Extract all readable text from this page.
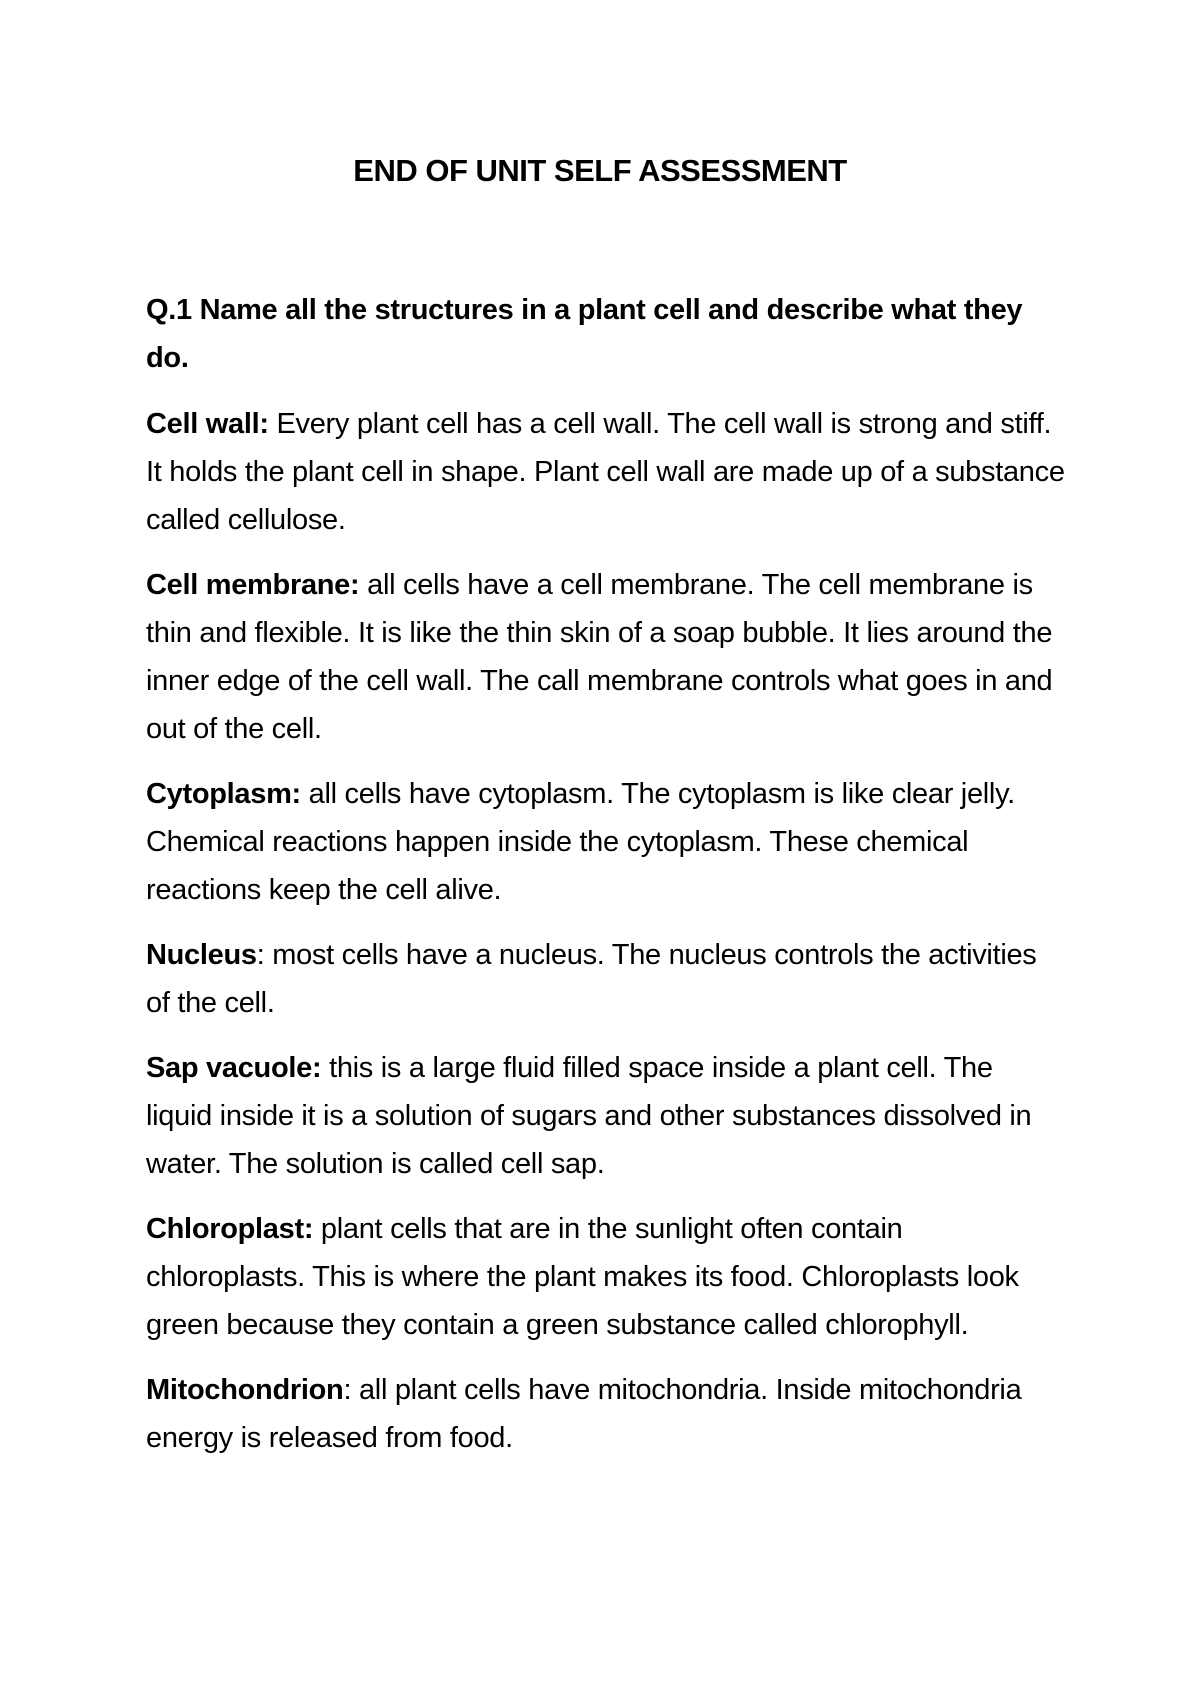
END OF UNIT SELF ASSESSMENT

Q.1 Name all the structures in a plant cell and describe what they do.

Cell wall: Every plant cell has a cell wall. The cell wall is strong and stiff. It holds the plant cell in shape. Plant cell wall are made up of a substance called cellulose.

Cell membrane: all cells have a cell membrane. The cell membrane is thin and flexible. It is like the thin skin of a soap bubble. It lies around the inner edge of the cell wall. The call membrane controls what goes in and out of the cell.

Cytoplasm: all cells have cytoplasm. The cytoplasm is like clear jelly. Chemical reactions happen inside the cytoplasm. These chemical reactions keep the cell alive.

Nucleus: most cells have a nucleus. The nucleus controls the activities of the cell.

Sap vacuole: this is a large fluid filled space inside a plant cell. The liquid inside it is a solution of sugars and other substances dissolved in water. The solution is called cell sap.

Chloroplast: plant cells that are in the sunlight often contain chloroplasts. This is where the plant makes its food. Chloroplasts look green because they contain a green substance called chlorophyll.

Mitochondrion: all plant cells have mitochondria. Inside mitochondria energy is released from food.
